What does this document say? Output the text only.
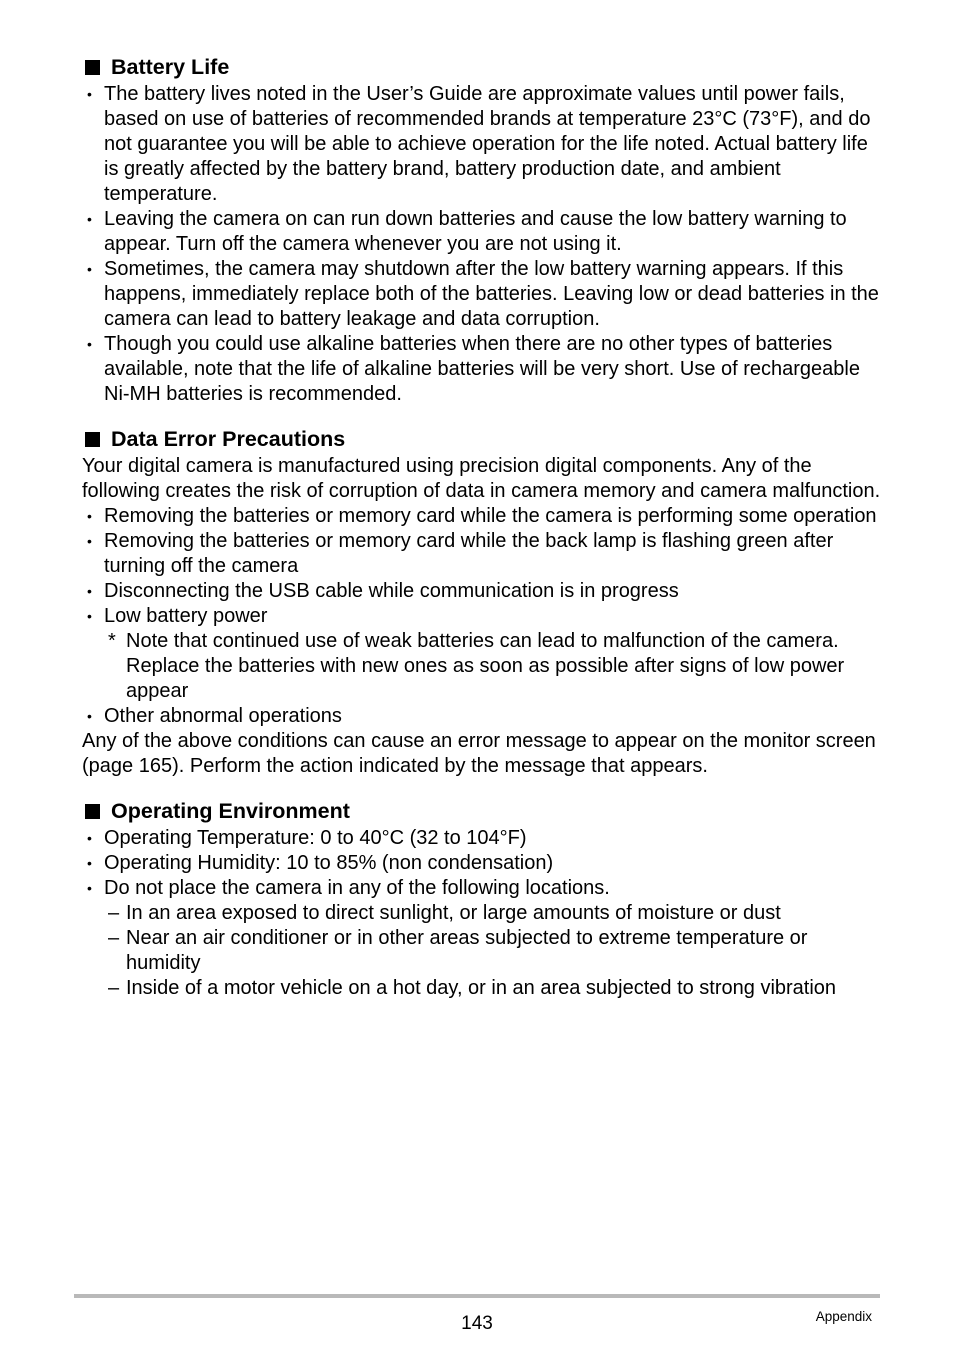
Battery Life
• The battery lives noted in the User’s Guide are approximate values until power fails, based on use of batteries of recommended brands at temperature 23°C (73°F), and do not guarantee you will be able to achieve operation for the life noted. Actual battery life is greatly affected by the battery brand, battery production date, and ambient temperature.
• Leaving the camera on can run down batteries and cause the low battery warning to appear. Turn off the camera whenever you are not using it.
• Sometimes, the camera may shutdown after the low battery warning appears. If this happens, immediately replace both of the batteries. Leaving low or dead batteries in the camera can lead to battery leakage and data corruption.
• Though you could use alkaline batteries when there are no other types of batteries available, note that the life of alkaline batteries will be very short. Use of rechargeable Ni-MH batteries is recommended.
Data Error Precautions

Your digital camera is manufactured using precision digital components. Any of the following creates the risk of corruption of data in camera memory and camera malfunction.

• Removing the batteries or memory card while the camera is performing some operation
• Removing the batteries or memory card while the back lamp is flashing green after turning off the camera
• Disconnecting the USB cable while communication is in progress
• Low battery power
* Note that continued use of weak batteries can lead to malfunction of the camera. Replace the batteries with new ones as soon as possible after signs of low power appear
• Other abnormal operations

Any of the above conditions can cause an error message to appear on the monitor screen (page 165). Perform the action indicated by the message that appears.

Operating Environment
• Operating Temperature: 0 to 40°C (32 to 104°F)
• Operating Humidity: 10 to 85% (non condensation)
• Do not place the camera in any of the following locations.
– In an area exposed to direct sunlight, or large amounts of moisture or dust
– Near an air conditioner or in other areas subjected to extreme temperature or humidity
– Inside of a motor vehicle on a hot day, or in an area subjected to strong vibration
143	Appendix
